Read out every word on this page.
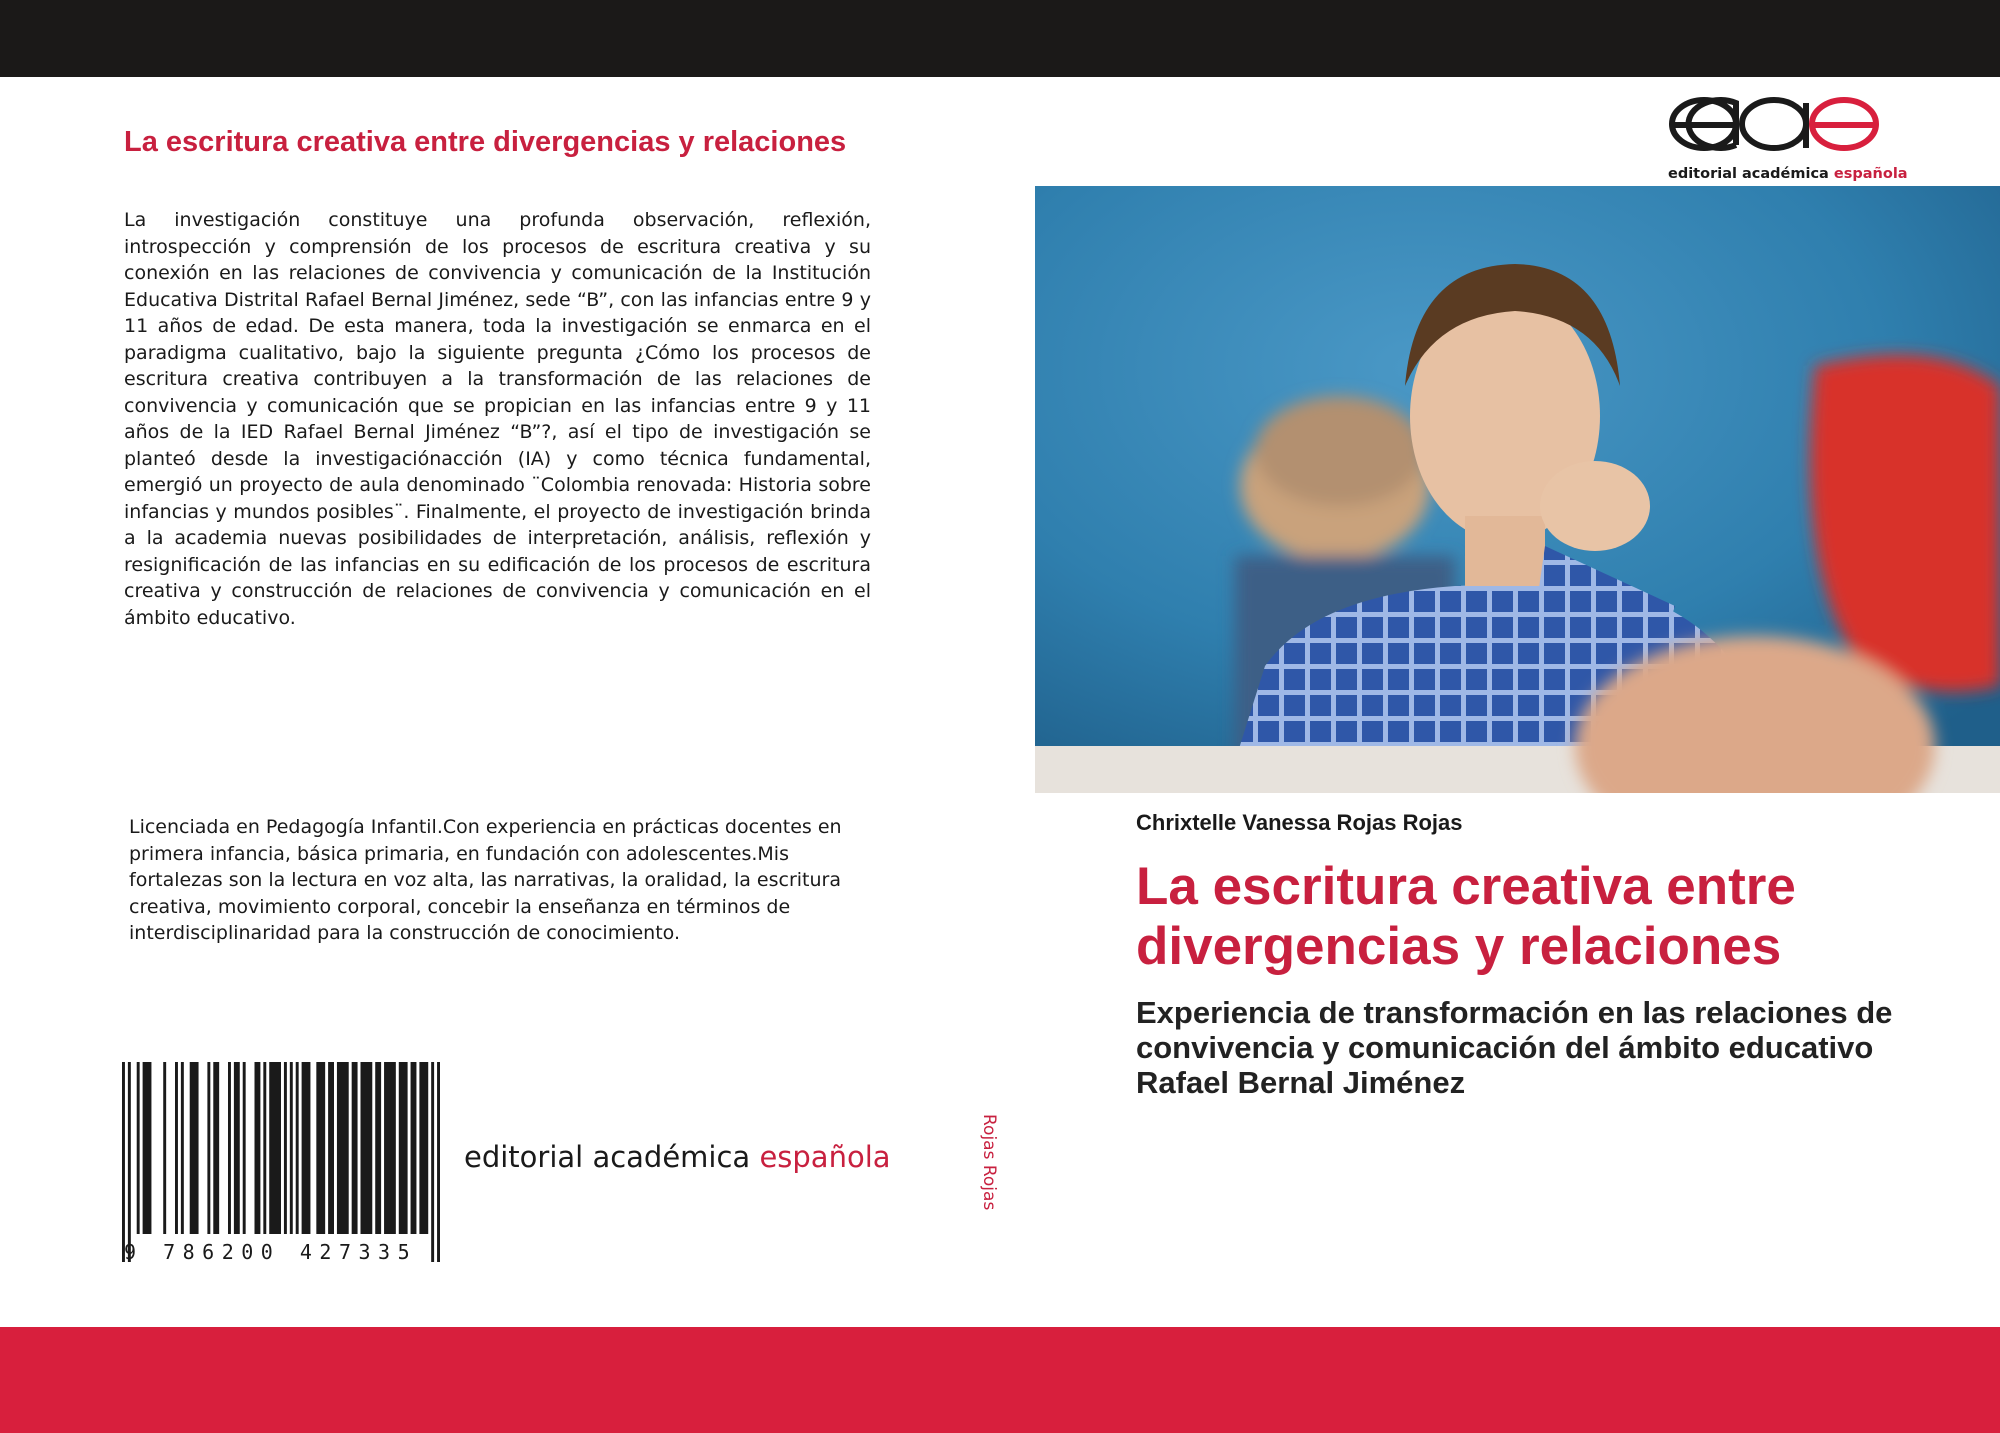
La escritura creativa entre divergencias y relaciones

La investigación constituye una profunda observación, reflexión, introspección y comprensión de los procesos de escritura creativa y su conexión en las relaciones de convivencia y comunicación de la Institución Educativa Distrital Rafael Bernal Jiménez, sede “B”, con las infancias entre 9 y 11 años de edad. De esta manera, toda la investigación se enmarca en el paradigma cualitativo, bajo la siguiente pregunta ¿Cómo los procesos de escritura creativa contribuyen a la transformación de las relaciones de convivencia y comunicación que se propician en las infancias entre 9 y 11 años de la IED Rafael Bernal Jiménez “B”?, así el tipo de investigación se planteó desde la investigaciónacción (IA) y como técnica fundamental, emergió un proyecto de aula denominado ¨Colombia renovada: Historia sobre infancias y mundos posibles¨. Finalmente, el proyecto de investigación brinda a la academia nuevas posibilidades de interpretación, análisis, reflexión y resignificación de las infancias en su edificación de los procesos de escritura creativa y construcción de relaciones de convivencia y comunicación en el ámbito educativo.

Licenciada en Pedagogía Infantil.Con experiencia en prácticas docentes en primera infancia, básica primaria, en fundación con adolescentes.Mis fortalezas son la lectura en voz alta, las narrativas, la oralidad, la escritura creativa, movimiento corporal, concebir la enseñanza en términos de interdisciplinaridad para la construcción de conocimiento.

9 786200 427335
editorial académica española	Rojas Rojas
editorial académica española
Chrixtelle Vanessa Rojas Rojas
La escritura creativa entre divergencias y relaciones

Experiencia de transformación en las relaciones de convivencia y comunicación del ámbito educativo Rafael Bernal Jiménez
